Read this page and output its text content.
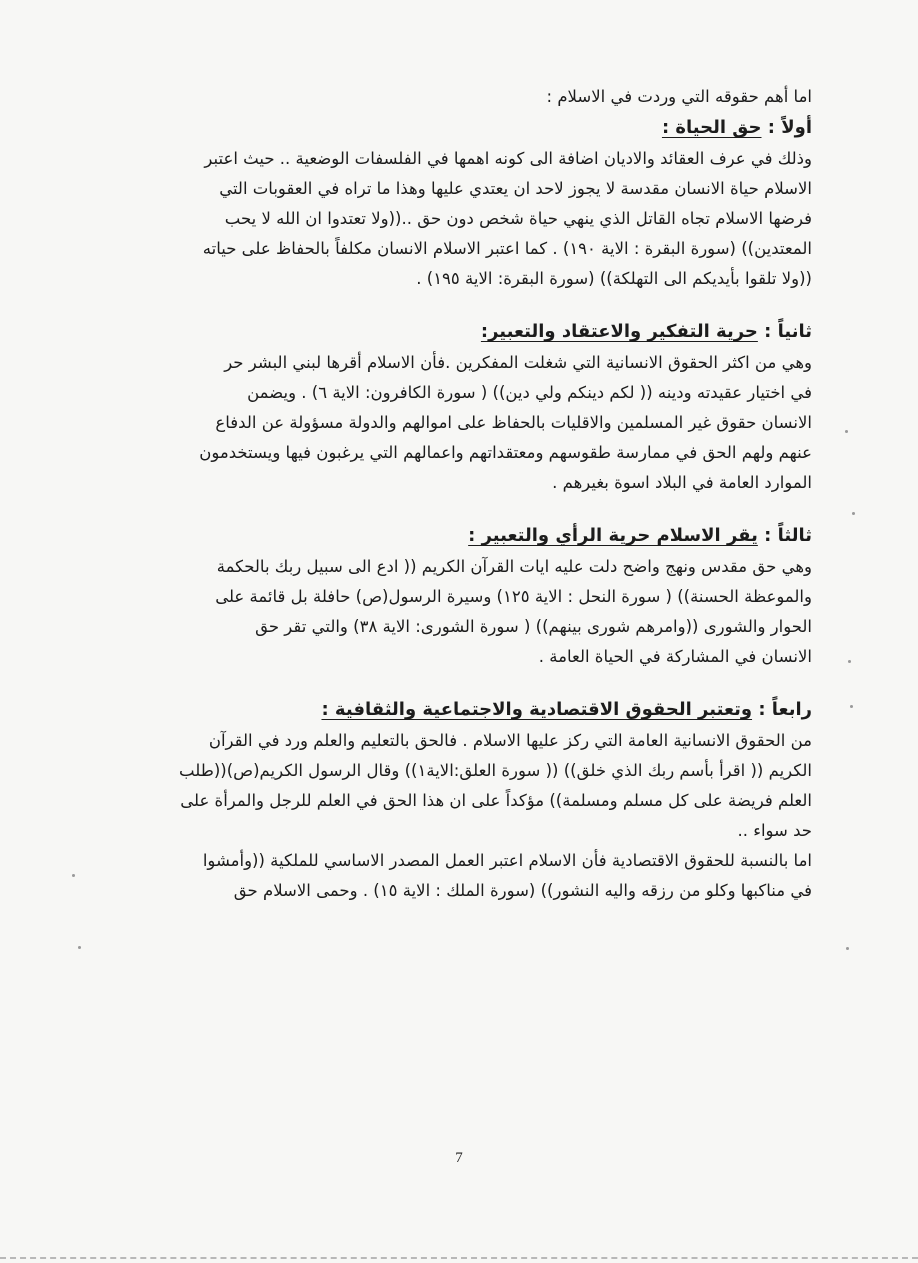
اما أهم حقوقه التي وردت في الاسلام :
أولاً : حق الحياة :
وذلك في عرف العقائد والاديان اضافة الى كونه اهمها في الفلسفات الوضعية .. حيث اعتبر
الاسلام حياة الانسان مقدسة لا يجوز لاحد ان يعتدي عليها وهذا ما تراه في العقوبات التي
فرضها الاسلام تجاه القاتل الذي ينهي حياة شخص دون حق ..((ولا تعتدوا ان الله لا يحب
المعتدين)) (سورة البقرة : الاية ١٩٠) . كما اعتبر الاسلام الانسان مكلفاً بالحفاظ على حياته
((ولا تلقوا بأيديكم الى التهلكة)) (سورة البقرة: الاية ١٩٥) .
ثانياً : حرية التفكير والاعتقاد والتعبير:
وهي من اكثر الحقوق الانسانية التي شغلت المفكرين .فأن الاسلام أقرها لبني البشر حر
في اختيار عقيدته ودينه (( لكم دينكم ولي دين)) ( سورة الكافرون: الاية ٦) . ويضمن
الانسان حقوق غير المسلمين والاقليات بالحفاظ على اموالهم والدولة مسؤولة عن الدفاع
عنهم ولهم الحق في ممارسة طقوسهم ومعتقداتهم واعمالهم التي يرغبون فيها ويستخدمون
الموارد العامة في البلاد اسوة بغيرهم .
ثالثاً : يقر الاسلام حرية الرأي والتعبير :
وهي حق مقدس ونهج واضح دلت عليه ايات القرآن الكريم (( ادع الى سبيل ربك بالحكمة
والموعظة الحسنة)) ( سورة النحل : الاية ١٢٥) وسيرة الرسول(ص) حافلة بل قائمة على
الحوار والشورى ((وامرهم شورى بينهم)) ( سورة الشورى: الاية ٣٨) والتي تقر حق
الانسان في المشاركة في الحياة العامة .
رابعاً : وتعتبر الحقوق الاقتصادية والاجتماعية والثقافية :
من الحقوق الانسانية العامة التي ركز عليها الاسلام . فالحق بالتعليم والعلم ورد في القرآن
الكريم (( اقرأ بأسم ربك الذي خلق)) (( سورة العلق:الاية١)) وقال الرسول الكريم(ص)((طلب
العلم فريضة على كل مسلم ومسلمة)) مؤكداً على ان هذا الحق في العلم للرجل والمرأة على
حد سواء ..
اما بالنسبة للحقوق الاقتصادية فأن الاسلام اعتبر العمل المصدر الاساسي للملكية ((وأمشوا
في مناكبها وكلو من رزقه واليه النشور)) (سورة الملك : الاية ١٥) . وحمى الاسلام حق
7
